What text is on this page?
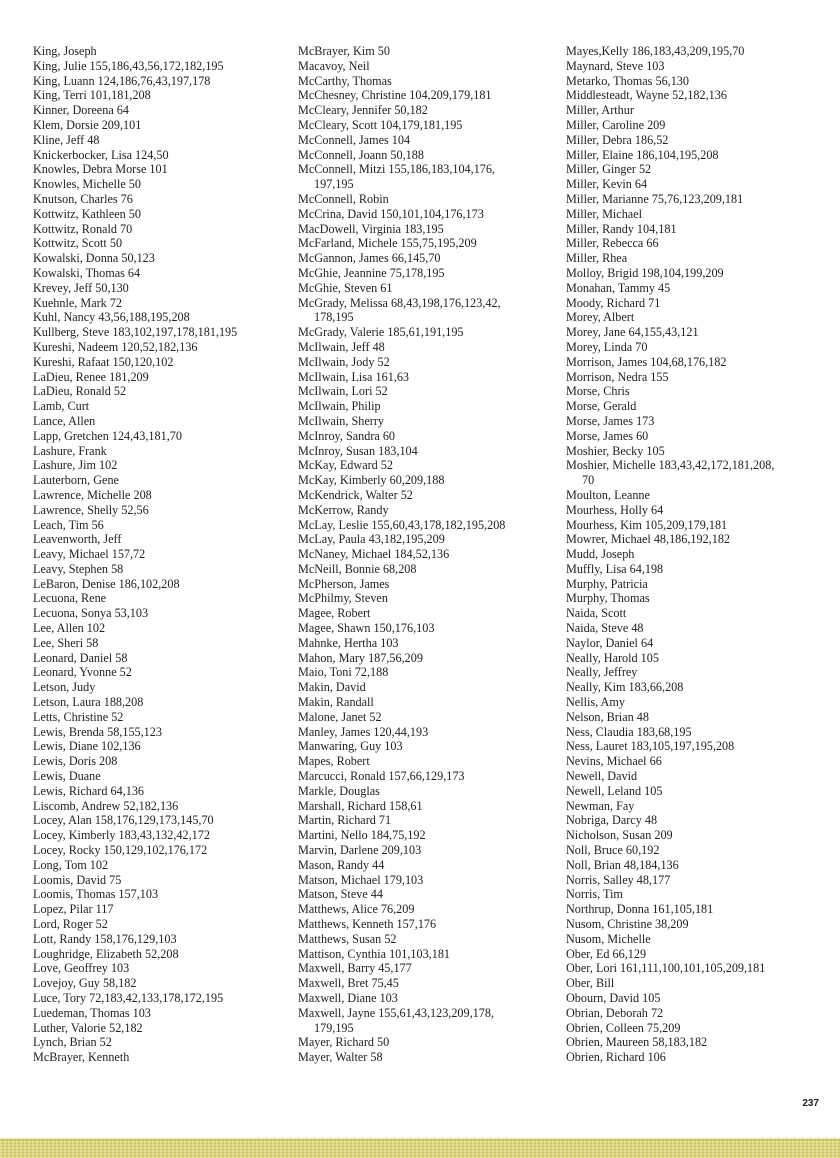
King, Joseph
King, Julie 155,186,43,56,172,182,195
King, Luann 124,186,76,43,197,178
King, Terri 101,181,208
Kinner, Doreena 64
Klem, Dorsie 209,101
Kline, Jeff 48
Knickerbocker, Lisa 124,50
Knowles, Debra Morse 101
Knowles, Michelle 50
Knutson, Charles 76
Kottwitz, Kathleen 50
Kottwitz, Ronald 70
Kottwitz, Scott 50
Kowalski, Donna 50,123
Kowalski, Thomas 64
Krevey, Jeff 50,130
Kuehnle, Mark 72
Kuhl, Nancy 43,56,188,195,208
Kullberg, Steve 183,102,197,178,181,195
Kureshi, Nadeem 120,52,182,136
Kureshi, Rafaat 150,120,102
LaDieu, Renee 181,209
LaDieu, Ronald 52
Lamb, Curt
Lance, Allen
Lapp, Gretchen 124,43,181,70
Lashure, Frank
Lashure, Jim 102
Lauterborn, Gene
Lawrence, Michelle 208
Lawrence, Shelly 52,56
Leach, Tim 56
Leavenworth, Jeff
Leavy, Michael 157,72
Leavy, Stephen 58
LeBaron, Denise 186,102,208
Lecuona, Rene
Lecuona, Sonya 53,103
Lee, Allen 102
Lee, Sheri 58
Leonard, Daniel 58
Leonard, Yvonne 52
Letson, Judy
Letson, Laura 188,208
Letts, Christine 52
Lewis, Brenda 58,155,123
Lewis, Diane 102,136
Lewis, Doris 208
Lewis, Duane
Lewis, Richard 64,136
Liscomb, Andrew 52,182,136
Locey, Alan 158,176,129,173,145,70
Locey, Kimberly 183,43,132,42,172
Locey, Rocky 150,129,102,176,172
Long, Tom 102
Loomis, David 75
Loomis, Thomas 157,103
Lopez, Pilar 117
Lord, Roger 52
Lott, Randy 158,176,129,103
Loughridge, Elizabeth 52,208
Love, Geoffrey 103
Lovejoy, Guy 58,182
Luce, Tory 72,183,42,133,178,172,195
Luedeman, Thomas 103
Luther, Valorie 52,182
Lynch, Brian 52
McBrayer, Kenneth
McBrayer, Kim 50
Macavoy, Neil
McCarthy, Thomas
McChesney, Christine 104,209,179,181
McCleary, Jennifer 50,182
McCleary, Scott 104,179,181,195
McConnell, James 104
McConnell, Joann 50,188
McConnell, Mitzi 155,186,183,104,176,
197,195
McConnell, Robin
McCrina, David 150,101,104,176,173
MacDowell, Virginia 183,195
McFarland, Michele 155,75,195,209
McGannon, James 66,145,70
McGhie, Jeannine 75,178,195
McGhie, Steven 61
McGrady, Melissa 68,43,198,176,123,42,
178,195
McGrady, Valerie 185,61,191,195
McIlwain, Jeff 48
McIlwain, Jody 52
McIlwain, Lisa 161,63
McIlwain, Lori 52
McIlwain, Philip
McIlwain, Sherry
McInroy, Sandra 60
McInroy, Susan 183,104
McKay, Edward 52
McKay, Kimberly 60,209,188
McKendrick, Walter 52
McKerrow, Randy
McLay, Leslie 155,60,43,178,182,195,208
McLay, Paula 43,182,195,209
McNaney, Michael 184,52,136
McNeill, Bonnie 68,208
McPherson, James
McPhilmy, Steven
Magee, Robert
Magee, Shawn 150,176,103
Mahnke, Hertha 103
Mahon, Mary 187,56,209
Maio, Toni 72,188
Makin, David
Makin, Randall
Malone, Janet 52
Manley, James 120,44,193
Manwaring, Guy 103
Mapes, Robert
Marcucci, Ronald 157,66,129,173
Markle, Douglas
Marshall, Richard 158,61
Martin, Richard 71
Martini, Nello 184,75,192
Marvin, Darlene 209,103
Mason, Randy 44
Matson, Michael 179,103
Matson, Steve 44
Matthews, Alice 76,209
Matthews, Kenneth 157,176
Matthews, Susan 52
Mattison, Cynthia 101,103,181
Maxwell, Barry 45,177
Maxwell, Bret 75,45
Maxwell, Diane 103
Maxwell, Jayne 155,61,43,123,209,178,
179,195
Mayer, Richard 50
Mayer, Walter 58
Mayes,Kelly 186,183,43,209,195,70
Maynard, Steve 103
Metarko, Thomas 56,130
Middlesteadt, Wayne 52,182,136
Miller, Arthur
Miller, Caroline 209
Miller, Debra 186,52
Miller, Elaine 186,104,195,208
Miller, Ginger 52
Miller, Kevin 64
Miller, Marianne 75,76,123,209,181
Miller, Michael
Miller, Randy 104,181
Miller, Rebecca 66
Miller, Rhea
Molloy, Brigid 198,104,199,209
Monahan, Tammy 45
Moody, Richard 71
Morey, Albert
Morey, Jane 64,155,43,121
Morey, Linda 70
Morrison, James 104,68,176,182
Morrison, Nedra 155
Morse, Chris
Morse, Gerald
Morse, James 173
Morse, James 60
Moshier, Becky 105
Moshier, Michelle 183,43,42,172,181,208,
70
Moulton, Leanne
Mourhess, Holly 64
Mourhess, Kim 105,209,179,181
Mowrer, Michael 48,186,192,182
Mudd, Joseph
Muffly, Lisa 64,198
Murphy, Patricia
Murphy, Thomas
Naida, Scott
Naida, Steve 48
Naylor, Daniel 64
Neally, Harold 105
Neally, Jeffrey
Neally, Kim 183,66,208
Nellis, Amy
Nelson, Brian 48
Ness, Claudia 183,68,195
Ness, Lauret 183,105,197,195,208
Nevins, Michael 66
Newell, David
Newell, Leland 105
Newman, Fay
Nobriga, Darcy 48
Nicholson, Susan 209
Noll, Bruce 60,192
Noll, Brian 48,184,136
Norris, Salley 48,177
Norris, Tim
Northrup, Donna 161,105,181
Nusom, Christine 38,209
Nusom, Michelle
Ober, Ed 66,129
Ober, Lori 161,111,100,101,105,209,181
Ober, Bill
Obourn, David 105
Obrian, Deborah 72
Obrien, Colleen 75,209
Obrien, Maureen 58,183,182
Obrien, Richard 106
237
